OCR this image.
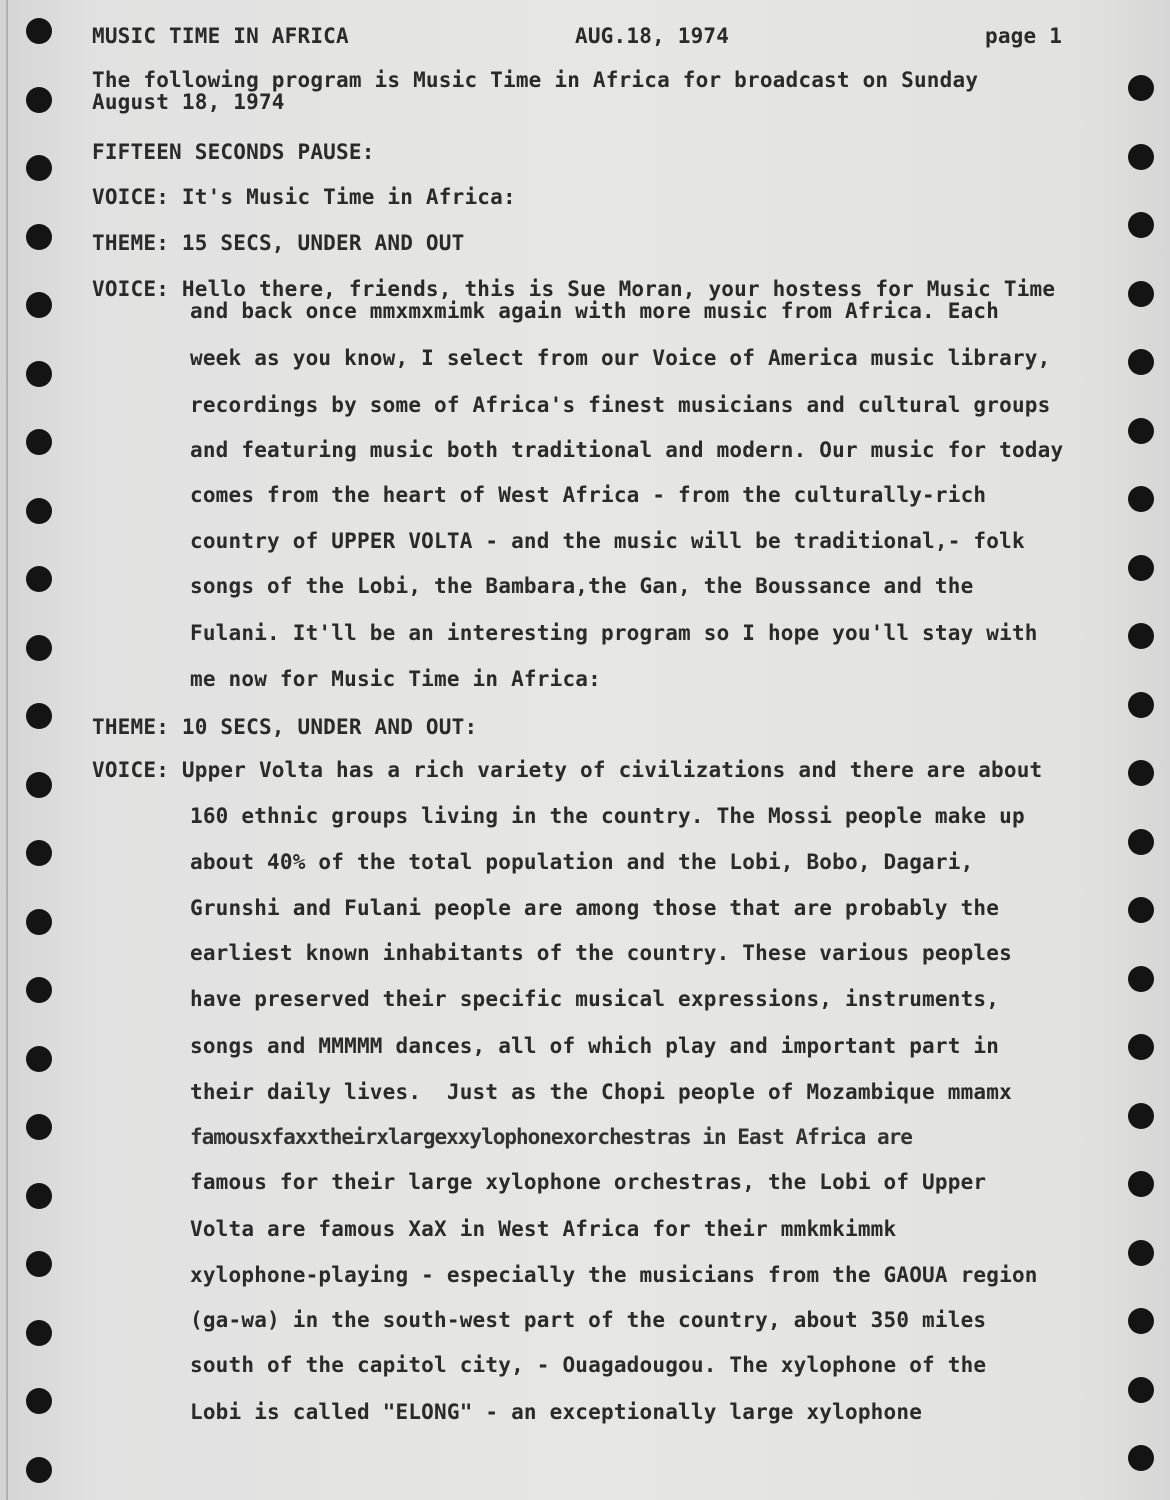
MUSIC TIME IN AFRICA	AUG.18, 1974	page 1
The following program is Music Time in Africa for broadcast on Sunday
August 18, 1974
FIFTEEN SECONDS PAUSE:
VOICE: It's Music Time in Africa:
THEME: 15 SECS, UNDER AND OUT
VOICE: Hello there, friends, this is Sue Moran, your hostess for Music Time
and back once mmxmxmimk again with more music from Africa. Each
week as you know, I select from our Voice of America music library,
recordings by some of Africa's finest musicians and cultural groups
and featuring music both traditional and modern. Our music for today
comes from the heart of West Africa - from the culturally-rich
country of UPPER VOLTA - and the music will be traditional,- folk
songs of the Lobi, the Bambara,the Gan, the Boussance and the
Fulani. It'll be an interesting program so I hope you'll stay with
me now for Music Time in Africa:
THEME: 10 SECS, UNDER AND OUT:
VOICE: Upper Volta has a rich variety of civilizations and there are about
160 ethnic groups living in the country. The Mossi people make up
about 40% of the total population and the Lobi, Bobo, Dagari,
Grunshi and Fulani people are among those that are probably the
earliest known inhabitants of the country. These various peoples
have preserved their specific musical expressions, instruments,
songs and MMMMM dances, all of which play and important part in
their daily lives.  Just as the Chopi people of Mozambique mmamx
famousxfaxxtheirxlargexxylophonexorchestras in East Africa are
famous for their large xylophone orchestras, the Lobi of Upper
Volta are famous XaX in West Africa for their mmkmkimmk
xylophone-playing - especially the musicians from the GAOUA region
(ga-wa) in the south-west part of the country, about 350 miles
south of the capitol city, - Ouagadougou. The xylophone of the
Lobi is called "ELONG" - an exceptionally large xylophone
